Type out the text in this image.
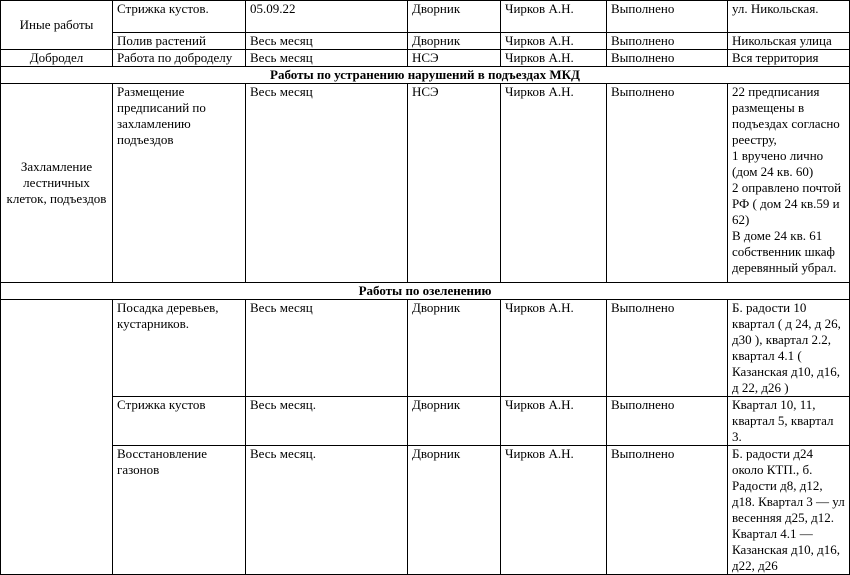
Иные работы	Стрижка кустов.	05.09.22	Дворник	Чирков А.Н.	Выполнено	ул. Никольская.
	Полив растений	Весь месяц	Дворник	Чирков А.Н.	Выполнено	Никольская улица
Добродел	Работа по доброделу	Весь месяц	НСЭ	Чирков А.Н.	Выполнено	Вся территория
Работы по устранению нарушений в подъездах МКД						
Захламление лестничных клеток, подъездов	Размещение предписаний по захламлению подъездов	Весь месяц	НСЭ	Чирков А.Н.	Выполнено	22 предписания размещены в подъездах согласно реестру,
1 вручено лично (дом 24 кв. 60)
2 оправлено почтой РФ ( дом 24 кв.59 и 62)
В доме 24 кв. 61 собственник шкаф деревянный убрал.

Работы по озеленению						
	Посадка деревьев, кустарников.	Весь месяц	Дворник	Чирков А.Н.	Выполнено	Б. радости 10 квартал ( д 24, д 26, д30 ), квартал 2.2, квартал 4.1 ( Казанская д10, д16, д 22, д26 )
	Стрижка кустов	Весь месяц.	Дворник	Чирков А.Н.	Выполнено	Квартал 10, 11, квартал 5, квартал 3.
	Восстановление газонов	Весь месяц.	Дворник	Чирков А.Н.	Выполнено	Б. радости д24 около КТП., б. Радости д8, д12, д18. Квартал 3 — ул весенняя д25, д12. Квартал 4.1 — Казанская д10, д16, д22, д26
